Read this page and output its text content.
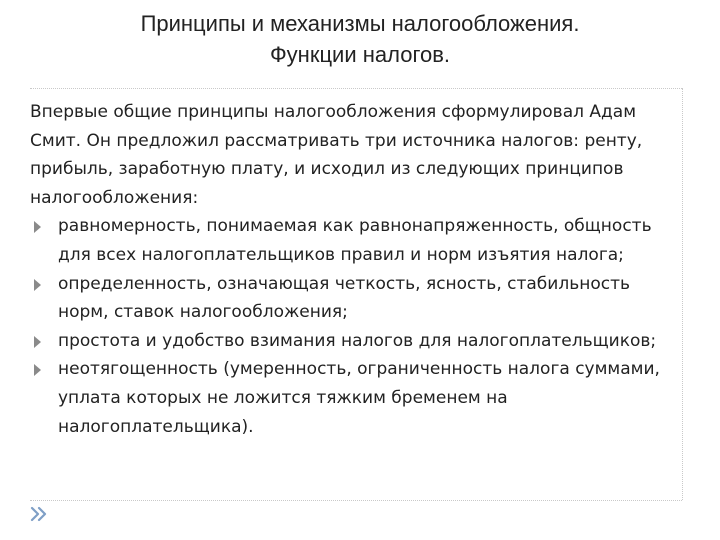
Принципы и механизмы налогообложения.
Функции налогов.

Впервые общие принципы налогообложения сформулировал Адам Смит. Он предложил рассматривать три источника налогов: ренту, прибыль, заработную плату, и исходил из следующих принципов налогообложения:

равномерность, понимаемая как равнонапряженность, общность для всех налогоплательщиков правил и норм изъятия налога;
определенность, означающая четкость, ясность, стабильность норм, ставок налогообложения;
простота и удобство взимания налогов для налогоплательщиков;
неотягощенность (умеренность, ограниченность налога суммами, уплата которых не ложится тяжким бременем на налогоплательщика).
